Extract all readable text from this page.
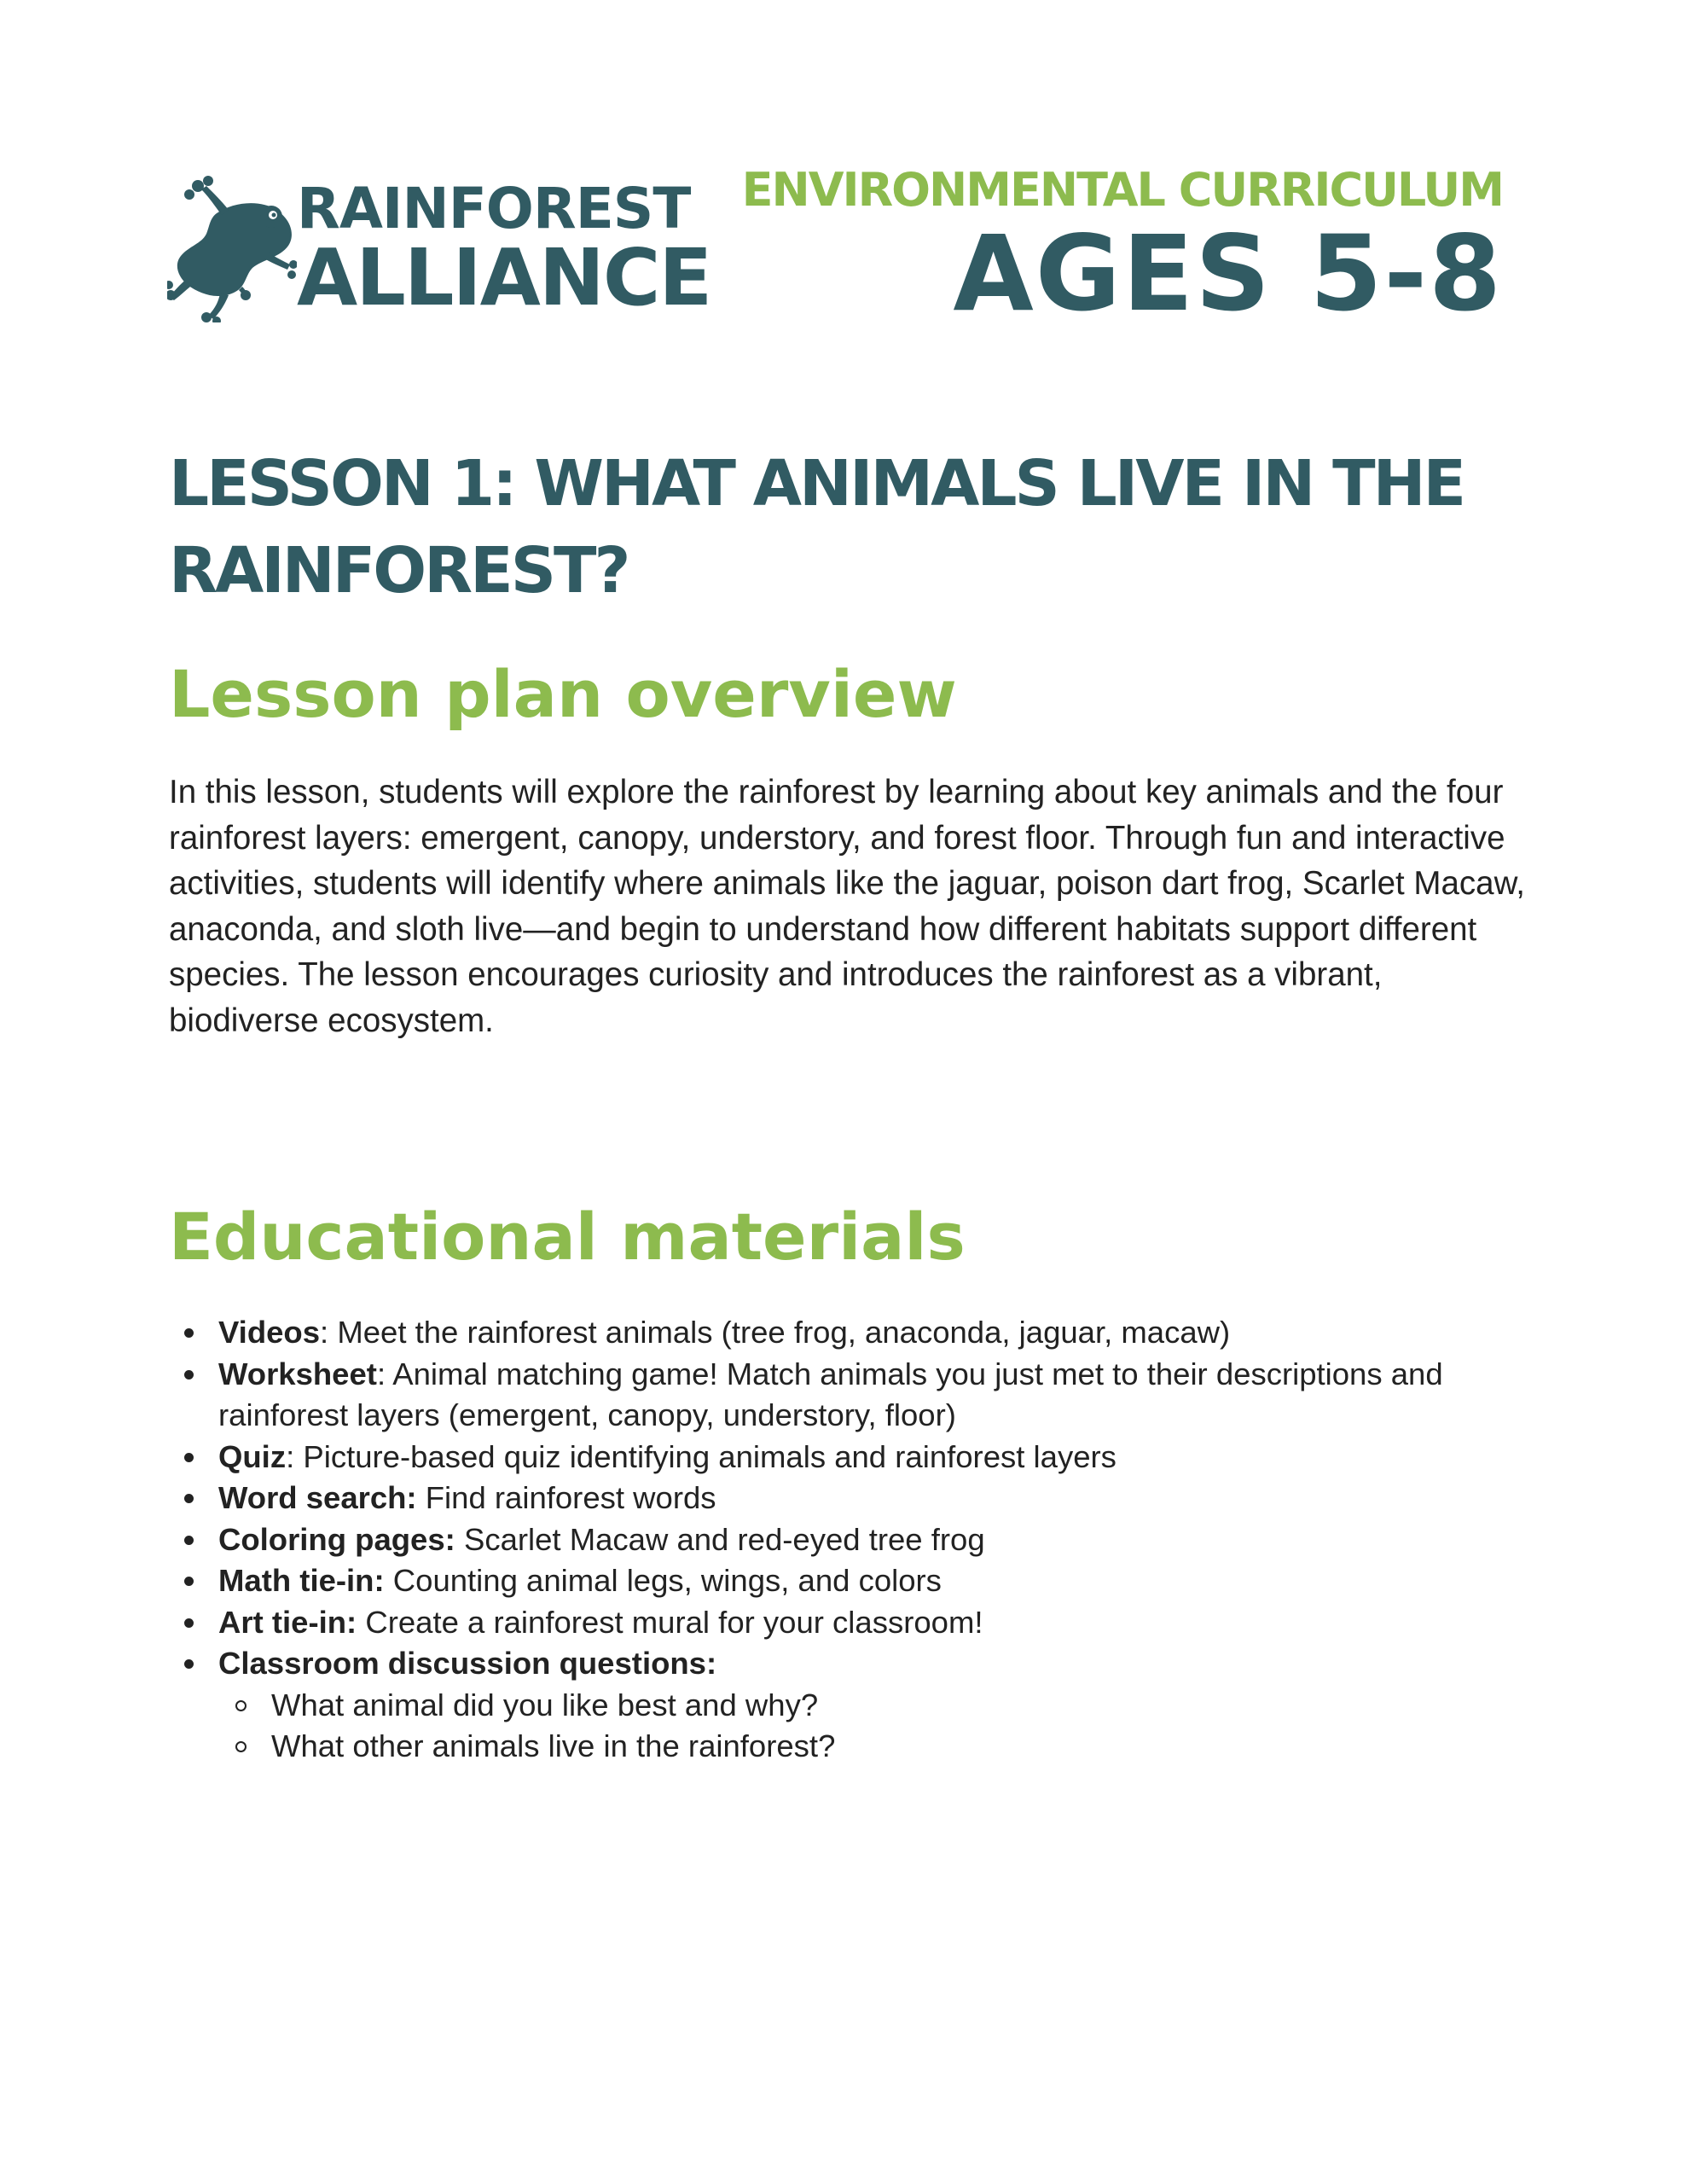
RAINFOREST
ALLIANCE
ENVIRONMENTAL CURRICULUM
AGES 5-8
LESSON 1: WHAT ANIMALS LIVE IN THE RAINFOREST?
Lesson plan overview

In this lesson, students will explore the rainforest by learning about key animals and the four rainforest layers: emergent, canopy, understory, and forest floor. Through fun and interactive activities, students will identify where animals like the jaguar, poison dart frog, Scarlet Macaw, anaconda, and sloth live—and begin to understand how different habitats support different species. The lesson encourages curiosity and introduces the rainforest as a vibrant, biodiverse ecosystem.

Educational materials
Videos: Meet the rainforest animals (tree frog, anaconda, jaguar, macaw)
Worksheet: Animal matching game! Match animals you just met to their descriptions and rainforest layers (emergent, canopy, understory, floor)
Quiz: Picture-based quiz identifying animals and rainforest layers
Word search: Find rainforest words
Coloring pages: Scarlet Macaw and red-eyed tree frog
Math tie-in: Counting animal legs, wings, and colors
Art tie-in: Create a rainforest mural for your classroom!
Classroom discussion questions:
What animal did you like best and why?
What other animals live in the rainforest?
